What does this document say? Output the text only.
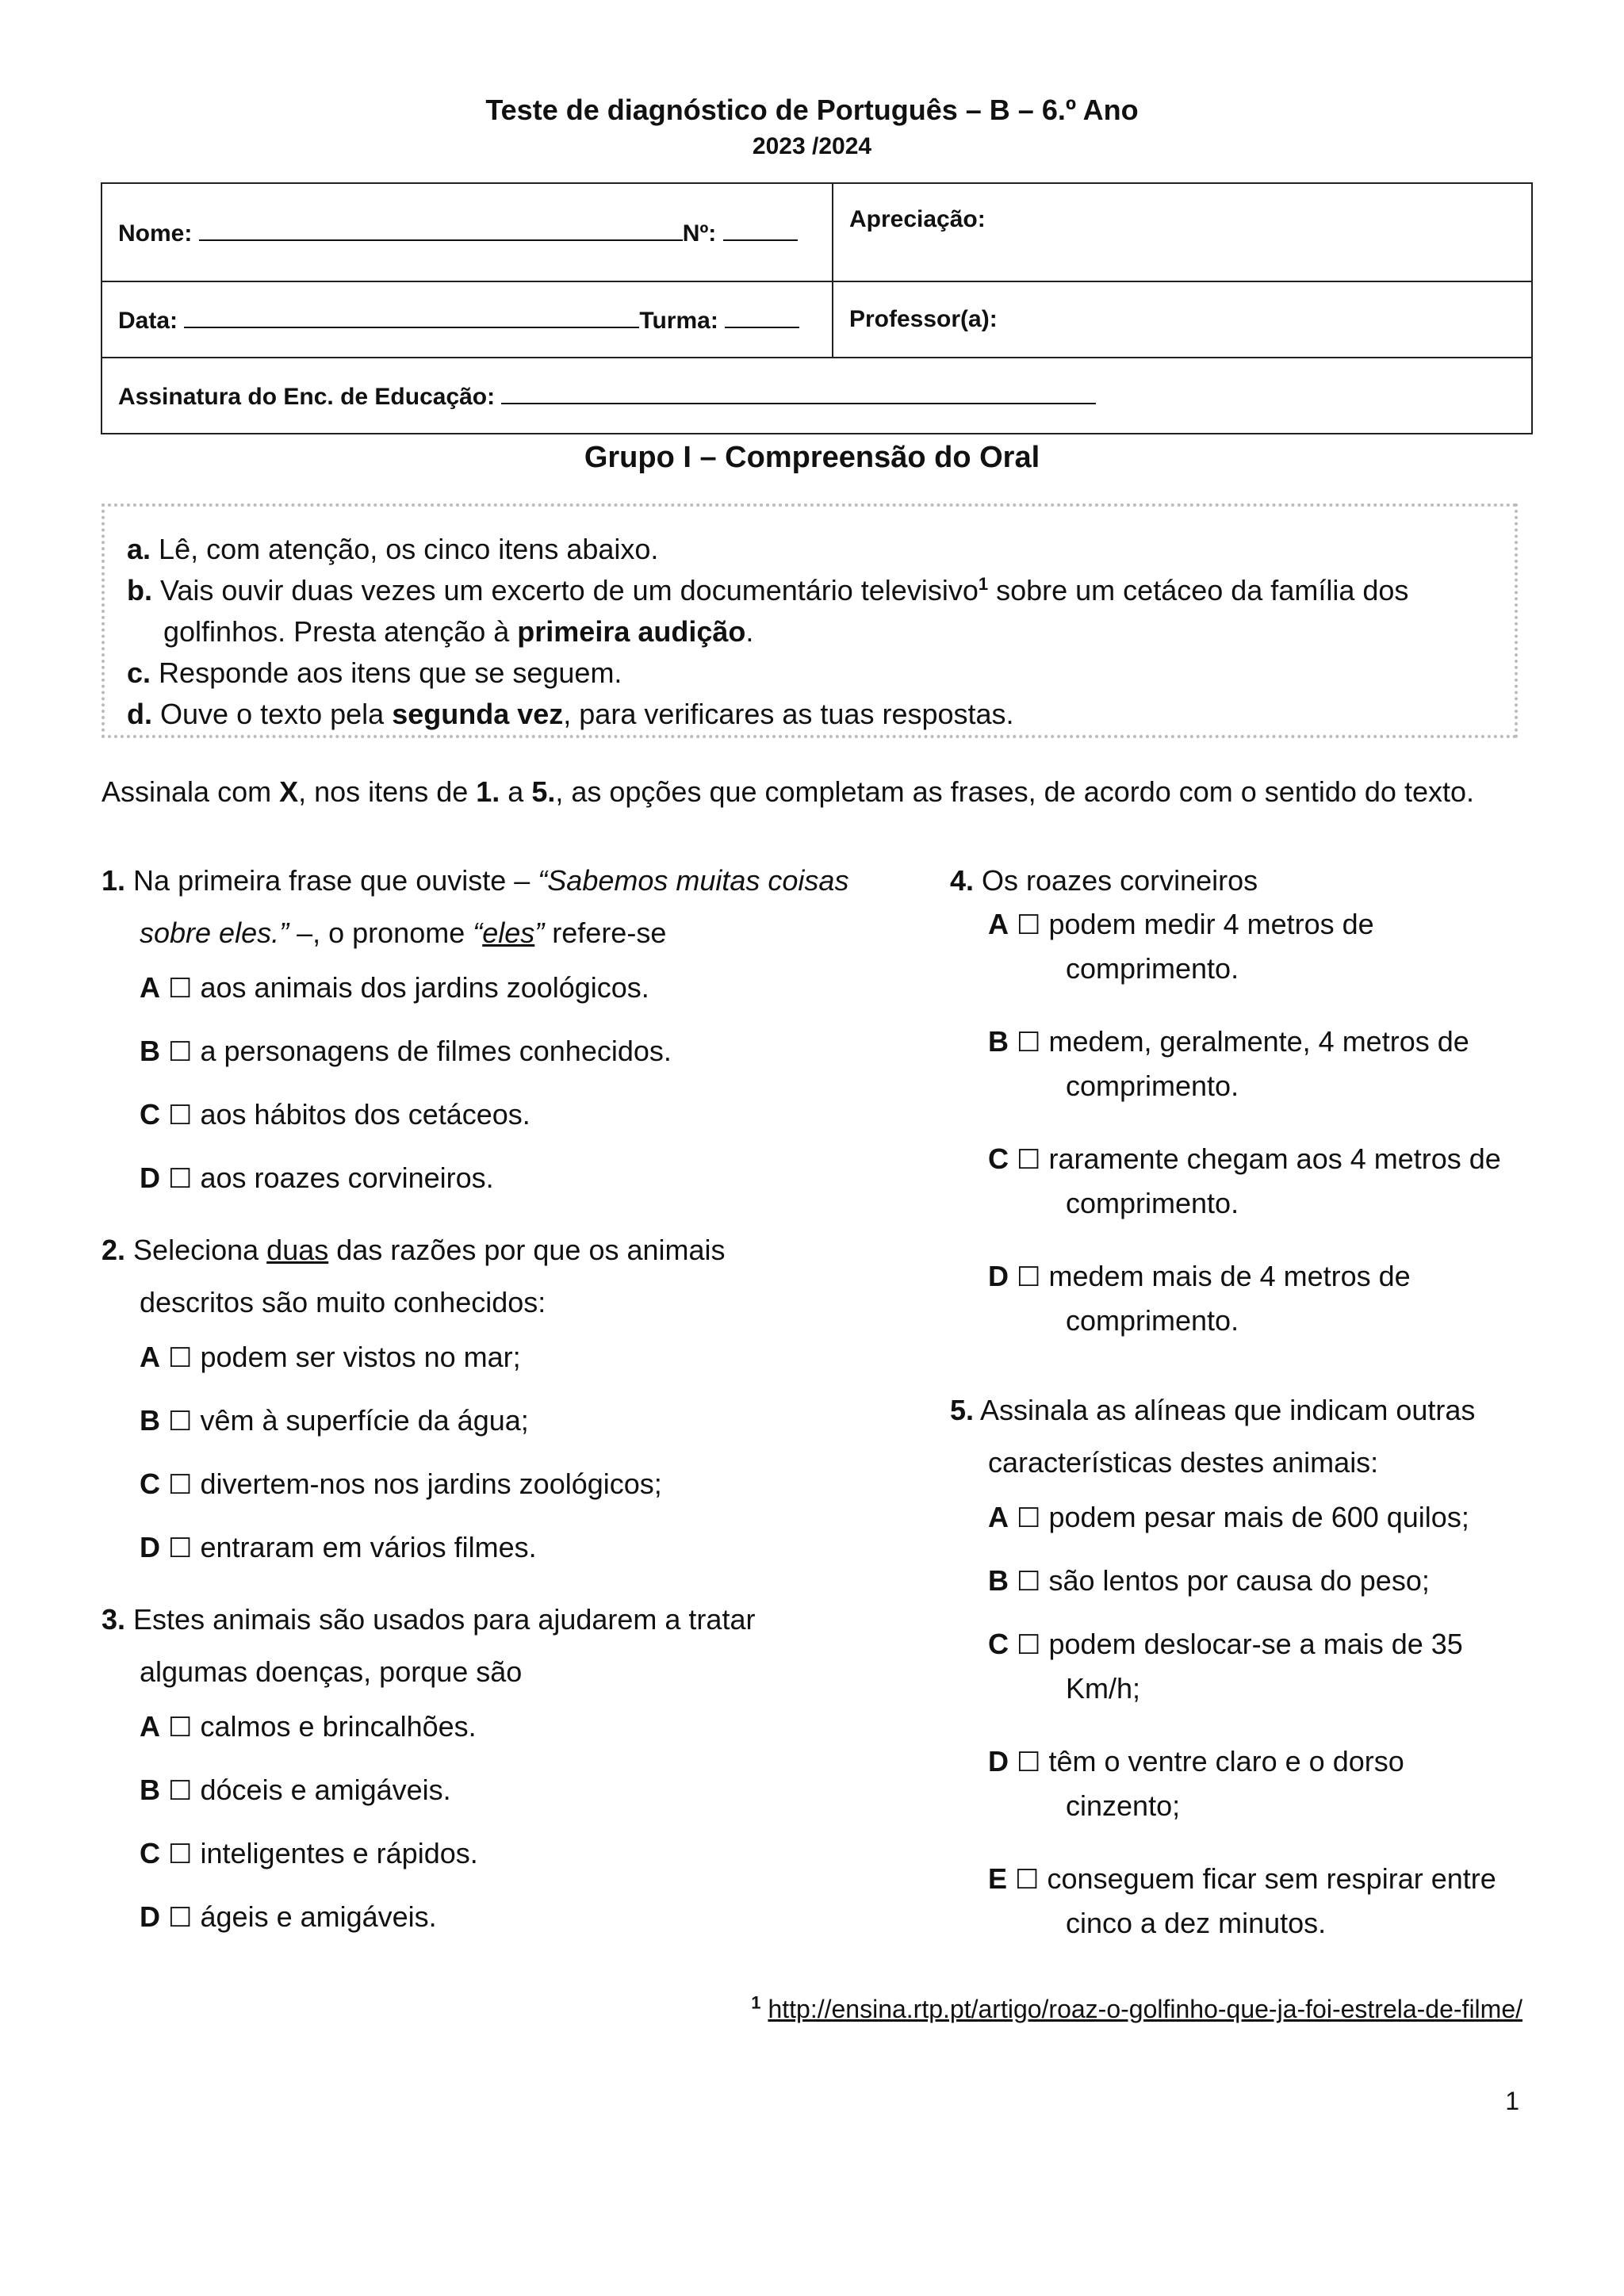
Teste de diagnóstico de Português – B – 6.º Ano
2023 /2024
Nome: Nº:	Apreciação:
Data: Turma:	Professor(a):
Assinatura do Enc. de Educação:	
Grupo I – Compreensão do Oral
a. Lê, com atenção, os cinco itens abaixo.
b. Vais ouvir duas vezes um excerto de um documentário televisivo$^1$ sobre um cetáceo da família dos
golfinhos. Presta atenção à primeira audição.
c. Responde aos itens que se seguem.
d. Ouve o texto pela segunda vez, para verificares as tuas respostas.
Assinala com X, nos itens de 1. a 5., as opções que completam as frases, de acordo com o sentido do texto.
1. Na primeira frase que ouviste – “Sabemos muitas coisas
sobre eles.” –, o pronome “eles” refere-se
A ☐ aos animais dos jardins zoológicos.
B ☐ a personagens de filmes conhecidos.
C ☐ aos hábitos dos cetáceos.
D ☐ aos roazes corvineiros.
2. Seleciona duas das razões por que os animais
descritos são muito conhecidos:
A ☐ podem ser vistos no mar;
B ☐ vêm à superfície da água;
C ☐ divertem-nos nos jardins zoológicos;
D ☐ entraram em vários filmes.
3. Estes animais são usados para ajudarem a tratar
algumas doenças, porque são
A ☐ calmos e brincalhões.
B ☐ dóceis e amigáveis.
C ☐ inteligentes e rápidos.
D ☐ ágeis e amigáveis.
4. Os roazes corvineiros
A ☐ podem medir 4 metros de
comprimento.
B ☐ medem, geralmente, 4 metros de
comprimento.
C ☐ raramente chegam aos 4 metros de
comprimento.
D ☐ medem mais de 4 metros de
comprimento.
5. Assinala as alíneas que indicam outras
características destes animais:
A ☐ podem pesar mais de 600 quilos;
B ☐ são lentos por causa do peso;
C ☐ podem deslocar-se a mais de 35
Km/h;
D ☐ têm o ventre claro e o dorso
cinzento;
E ☐ conseguem ficar sem respirar entre
cinco a dez minutos.
$^1$ http://ensina.rtp.pt/artigo/roaz-o-golfinho-que-ja-foi-estrela-de-filme/
1
